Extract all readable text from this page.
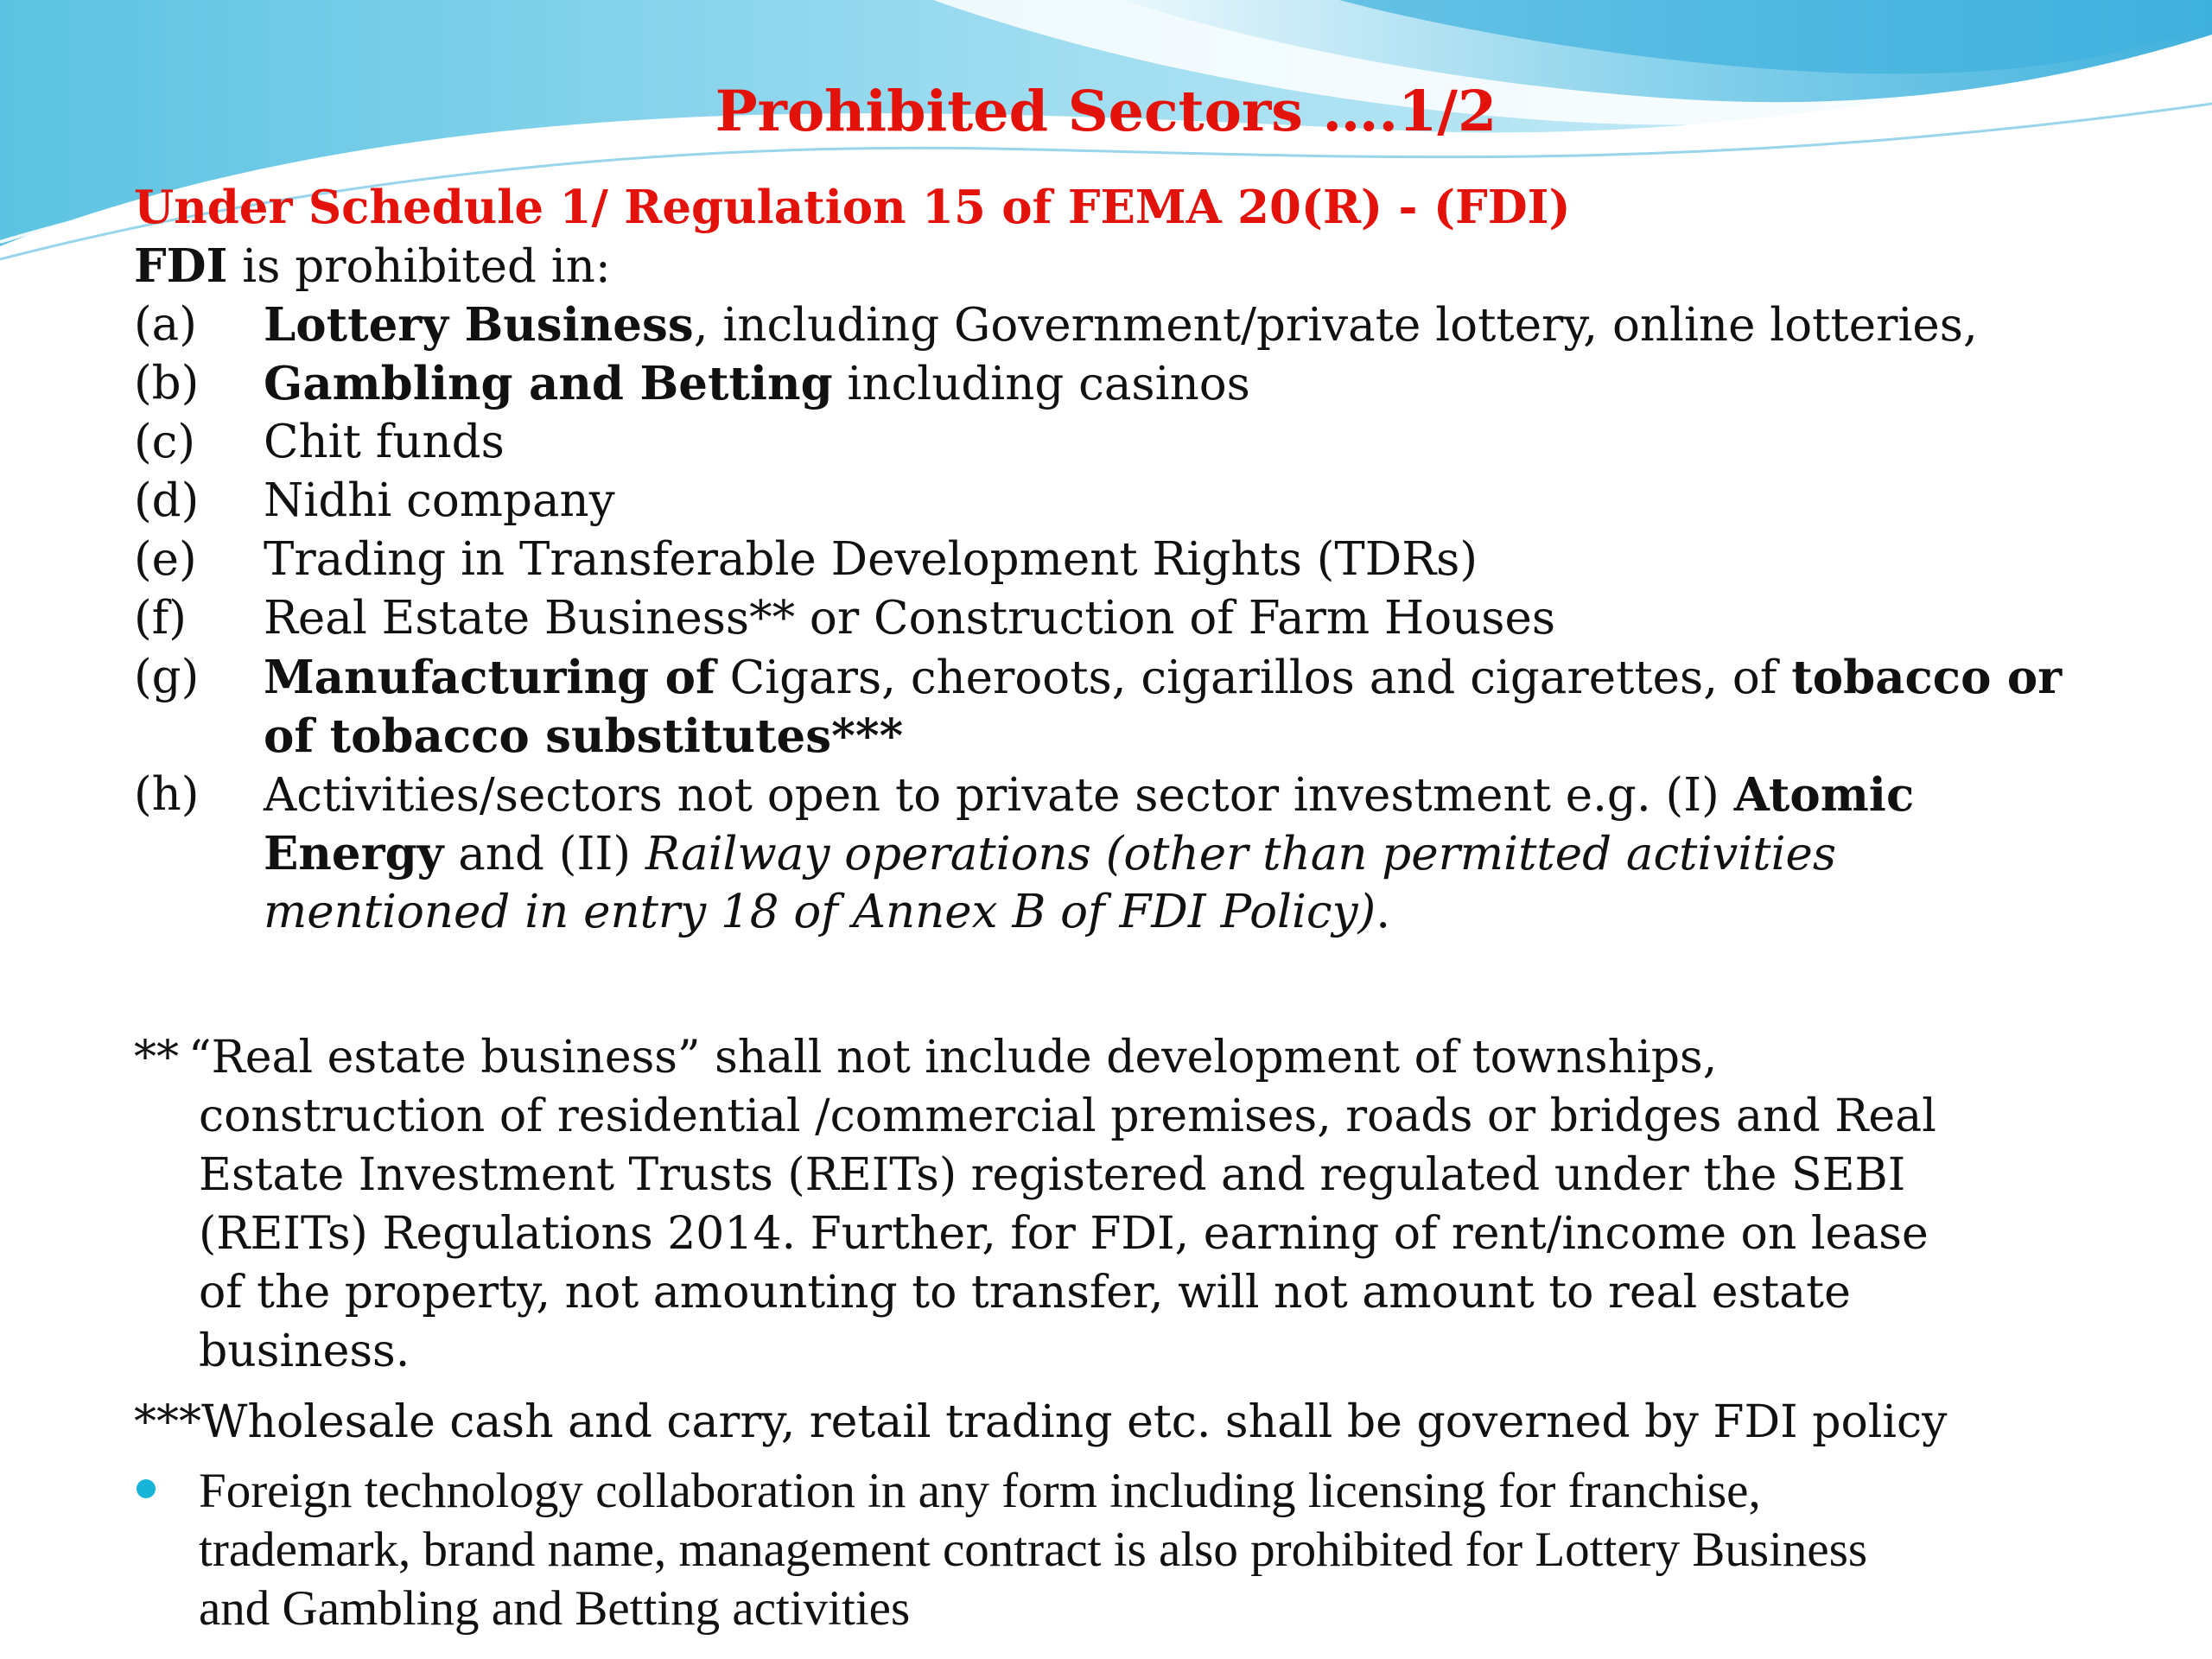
Prohibited Sectors ….1/2
Under Schedule 1/ Regulation 15 of FEMA 20(R) - (FDI)
FDI is prohibited in:
(a) Lottery Business, including Government/private lottery, online lotteries,
(b) Gambling and Betting including casinos
(c) Chit funds
(d) Nidhi company
(e) Trading in Transferable Development Rights (TDRs)
(f) Real Estate Business** or Construction of Farm Houses
(g) Manufacturing of Cigars, cheroots, cigarillos and cigarettes, of tobacco or
of tobacco substitutes***
(h) Activities/sectors not open to private sector investment e.g. (I) Atomic
Energy and (II) Railway operations (other than permitted activities
mentioned in entry 18 of Annex B of FDI Policy).
** “Real estate business” shall not include development of townships,
construction of residential /commercial premises, roads or bridges and Real
Estate Investment Trusts (REITs) registered and regulated under the SEBI
(REITs) Regulations 2014. Further, for FDI, earning of rent/income on lease
of the property, not amounting to transfer, will not amount to real estate
business.
***Wholesale cash and carry, retail trading etc. shall be governed by FDI policy
Foreign technology collaboration in any form including licensing for franchise,
trademark, brand name, management contract is also prohibited for Lottery Business
and Gambling and Betting activities
